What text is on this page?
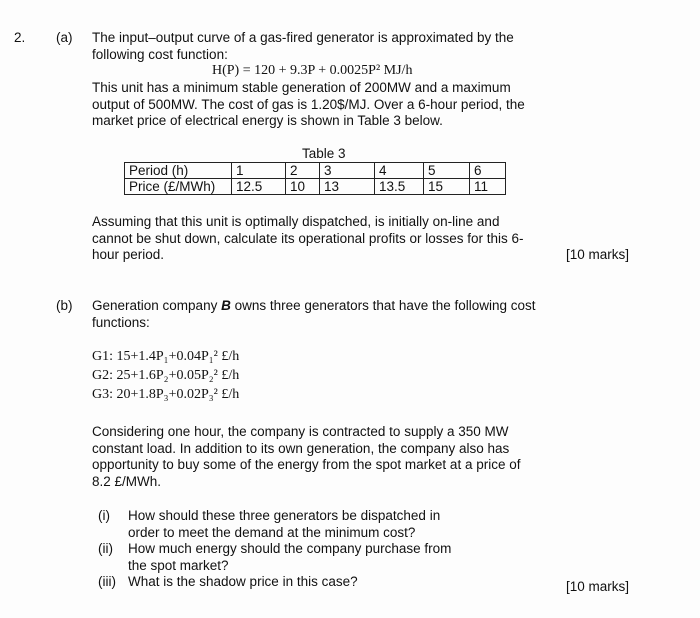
2. (a) The input–output curve of a gas-fired generator is approximated by the
following cost function:
H(P) = 120 + 9.3P + 0.0025P² MJ/h
This unit has a minimum stable generation of 200MW and a maximum
output of 500MW. The cost of gas is 1.20$/MJ. Over a 6-hour period, the
market price of electrical energy is shown in Table 3 below.
Table 3
Period (h)	1	2	3	4	5	6
Price (£/MWh)	12.5	10	13	13.5	15	11
Assuming that this unit is optimally dispatched, is initially on-line and
cannot be shut down, calculate its operational profits or losses for this 6-
hour period.	[10 marks]
(b) Generation company B owns three generators that have the following cost
functions:
G1: 15+1.4P₁+0.04P₁² £/h
G2: 25+1.6P₂+0.05P₂² £/h
G3: 20+1.8P₃+0.02P₃² £/h
Considering one hour, the company is contracted to supply a 350 MW
constant load. In addition to its own generation, the company also has
opportunity to buy some of the energy from the spot market at a price of
8.2 £/MWh.
(i) How should these three generators be dispatched in
order to meet the demand at the minimum cost?
(ii) How much energy should the company purchase from
the spot market?
(iii) What is the shadow price in this case?	[10 marks]
